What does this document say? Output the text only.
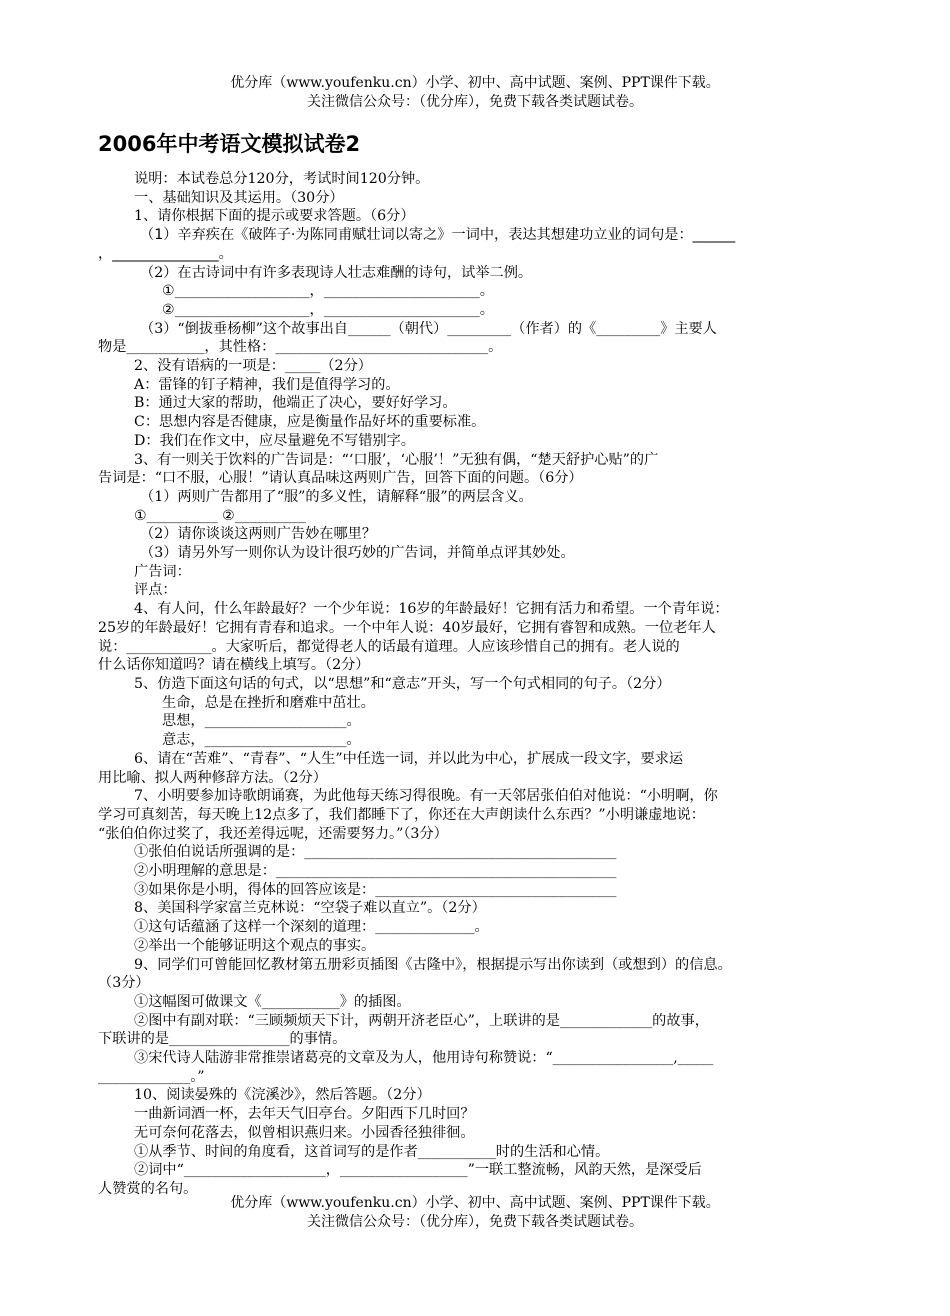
优分库（www.youfenku.cn）小学、初中、高中试题、案例、PPT课件下载。
关注微信公众号：（优分库），免费下载各类试题试卷。
2006年中考语文模拟试卷2
说明：本试卷总分120分，考试时间120分钟。
一、基础知识及其运用。（30分）
1、请你根据下面的提示或要求答题。（6分）
（1）辛弃疾在《破阵子·为陈同甫赋壮词以寄之》一词中，表达其想建功立业的词句是：______
，_______________。
（2）在古诗词中有许多表现诗人壮志难酬的诗句，试举二例。
①___________________，______________________。
②___________________，______________________。
（3）“倒拔垂杨柳”这个故事出自______（朝代）_________（作者）的《_________》主要人
物是___________，其性格：______________________________。
2、没有语病的一项是：_____（2分）
A：雷锋的钉子精神，我们是值得学习的。
B：通过大家的帮助，他端正了决心，要好好学习。
C：思想内容是否健康，应是衡量作品好坏的重要标准。
D：我们在作文中，应尽量避免不写错别字。
3、有一则关于饮料的广告词是：“‘口服’，‘心服’！”无独有偶，“楚天舒护心贴”的广
告词是：“口不服，心服！”请认真品味这两则广告，回答下面的问题。（6分）
（1）两则广告都用了“服”的多义性，请解释“服”的两层含义。
①__________ ②__________
（2）请你谈谈这两则广告妙在哪里？
（3）请另外写一则你认为设计很巧妙的广告词，并简单点评其妙处。
广告词：
评点：
4、有人问，什么年龄最好？一个少年说：16岁的年龄最好！它拥有活力和希望。一个青年说：
25岁的年龄最好！它拥有青春和追求。一个中年人说：40岁最好，它拥有睿智和成熟。一位老年人
说：____________。大家听后，都觉得老人的话最有道理。人应该珍惜自己的拥有。老人说的
什么话你知道吗？请在横线上填写。（2分）
5、仿造下面这句话的句式，以“思想”和“意志”开头，写一个句式相同的句子。（2分）
生命，总是在挫折和磨难中茁壮。
思想，____________________。
意志，____________________。
6、请在“苦难”、“青春”、“人生”中任选一词，并以此为中心，扩展成一段文字，要求运
用比喻、拟人两种修辞方法。（2分）
7、小明要参加诗歌朗诵赛，为此他每天练习得很晚。有一天邻居张伯伯对他说：“小明啊，你
学习可真刻苦，每天晚上12点多了，我们都睡下了，你还在大声朗读什么东西？”小明谦虚地说：
“张伯伯你过奖了，我还差得远呢，还需要努力。”（3分）
①张伯伯说话所强调的是：____________________________________________
②小明理解的意思是：________________________________________________
③如果你是小明，得体的回答应该是：__________________________________
8、美国科学家富兰克林说：“空袋子难以直立”。（2分）
①这句话蕴涵了这样一个深刻的道理：______________。
②举出一个能够证明这个观点的事实。
9、同学们可曾能回忆教材第五册彩页插图《古隆中》，根据提示写出你读到（或想到）的信息。
（3分）
①这幅图可做课文《___________》的插图。
②图中有副对联：“三顾频烦天下计，两朝开济老臣心”，上联讲的是_____________的故事，
下联讲的是_________________的事情。
③宋代诗人陆游非常推崇诸葛亮的文章及为人，他用诗句称赞说：“_________________,_____
_____________。”
10、阅读晏殊的《浣溪沙》，然后答题。（2分）
一曲新词酒一杯，去年天气旧亭台。夕阳西下几时回？
无可奈何花落去，似曾相识燕归来。小园香径独徘徊。
①从季节、时间的角度看，这首词写的是作者___________时的生活和心情。
②词中“____________________，__________________”一联工整流畅，风韵天然，是深受后
人赞赏的名句。
优分库（www.youfenku.cn）小学、初中、高中试题、案例、PPT课件下载。
关注微信公众号：（优分库），免费下载各类试题试卷。
